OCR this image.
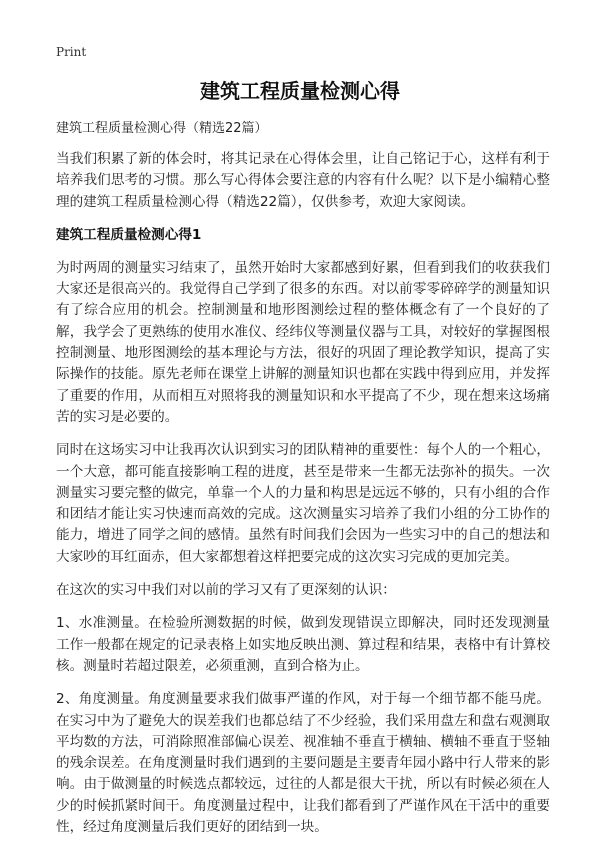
Print
建筑工程质量检测心得
建筑工程质量检测心得（精选22篇）

当我们积累了新的体会时，将其记录在心得体会里，让自己铭记于心，这样有利于培养我们思考的习惯。那么写心得体会要注意的内容有什么呢？以下是小编精心整理的建筑工程质量检测心得（精选22篇），仅供参考，欢迎大家阅读。

建筑工程质量检测心得1

为时两周的测量实习结束了，虽然开始时大家都感到好累，但看到我们的收获我们大家还是很高兴的。我觉得自己学到了很多的东西。对以前零零碎碎学的测量知识有了综合应用的机会。控制测量和地形图测绘过程的整体概念有了一个良好的了解，我学会了更熟练的使用水准仪、经纬仪等测量仪器与工具，对较好的掌握图根控制测量、地形图测绘的基本理论与方法，很好的巩固了理论教学知识，提高了实际操作的技能。原先老师在课堂上讲解的测量知识也都在实践中得到应用，并发挥了重要的作用，从而相互对照将我的测量知识和水平提高了不少，现在想来这场痛苦的实习是必要的。

同时在这场实习中让我再次认识到实习的团队精神的重要性：每个人的一个粗心，一个大意，都可能直接影响工程的进度，甚至是带来一生都无法弥补的损失。一次测量实习要完整的做完，单靠一个人的力量和构思是远远不够的，只有小组的合作和团结才能让实习快速而高效的完成。这次测量实习培养了我们小组的分工协作的能力，增进了同学之间的感情。虽然有时间我们会因为一些实习中的自己的想法和大家吵的耳红面赤，但大家都想着这样把要完成的这次实习完成的更加完美。

在这次的实习中我们对以前的学习又有了更深刻的认识：

1、水准测量。在检验所测数据的时候，做到发现错误立即解决，同时还发现测量工作一般都在规定的记录表格上如实地反映出测、算过程和结果，表格中有计算校核。测量时若超过限差，必须重测，直到合格为止。

2、角度测量。角度测量要求我们做事严谨的作风，对于每一个细节都不能马虎。在实习中为了避免大的误差我们也都总结了不少经验，我们采用盘左和盘右观测取平均数的方法，可消除照准部偏心误差、视准轴不垂直于横轴、横轴不垂直于竖轴的残余误差。在角度测量时我们遇到的主要问题是主要青年园小路中行人带来的影响。由于做测量的时候选点都较远，过往的人都是很大干扰，所以有时候必须在人少的时候抓紧时间干。角度测量过程中，让我们都看到了严谨作风在干活中的重要性，经过角度测量后我们更好的团结到一块。
